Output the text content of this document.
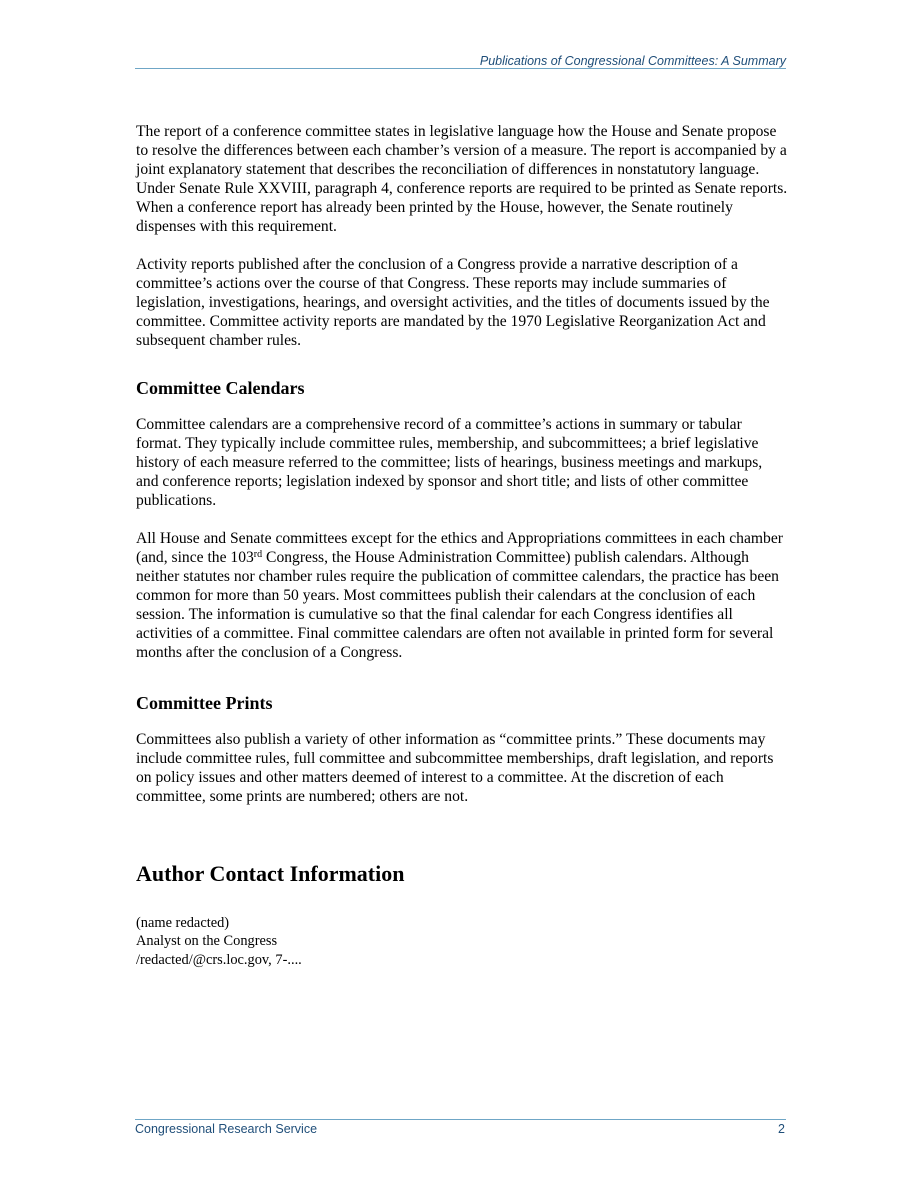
Publications of Congressional Committees: A Summary

The report of a conference committee states in legislative language how the House and Senate propose to resolve the differences between each chamber’s version of a measure. The report is accompanied by a joint explanatory statement that describes the reconciliation of differences in nonstatutory language. Under Senate Rule XXVIII, paragraph 4, conference reports are required to be printed as Senate reports. When a conference report has already been printed by the House, however, the Senate routinely dispenses with this requirement.

Activity reports published after the conclusion of a Congress provide a narrative description of a committee’s actions over the course of that Congress. These reports may include summaries of legislation, investigations, hearings, and oversight activities, and the titles of documents issued by the committee. Committee activity reports are mandated by the 1970 Legislative Reorganization Act and subsequent chamber rules.

Committee Calendars

Committee calendars are a comprehensive record of a committee’s actions in summary or tabular format. They typically include committee rules, membership, and subcommittees; a brief legislative history of each measure referred to the committee; lists of hearings, business meetings and markups, and conference reports; legislation indexed by sponsor and short title; and lists of other committee publications.

All House and Senate committees except for the ethics and Appropriations committees in each chamber (and, since the 103rd Congress, the House Administration Committee) publish calendars. Although neither statutes nor chamber rules require the publication of committee calendars, the practice has been common for more than 50 years. Most committees publish their calendars at the conclusion of each session. The information is cumulative so that the final calendar for each Congress identifies all activities of a committee. Final committee calendars are often not available in printed form for several months after the conclusion of a Congress.

Committee Prints

Committees also publish a variety of other information as “committee prints.” These documents may include committee rules, full committee and subcommittee memberships, draft legislation, and reports on policy issues and other matters deemed of interest to a committee. At the discretion of each committee, some prints are numbered; others are not.

Author Contact Information

(name redacted)

Analyst on the Congress

/redacted/@crs.loc.gov, 7-....

Congressional Research Service	2
